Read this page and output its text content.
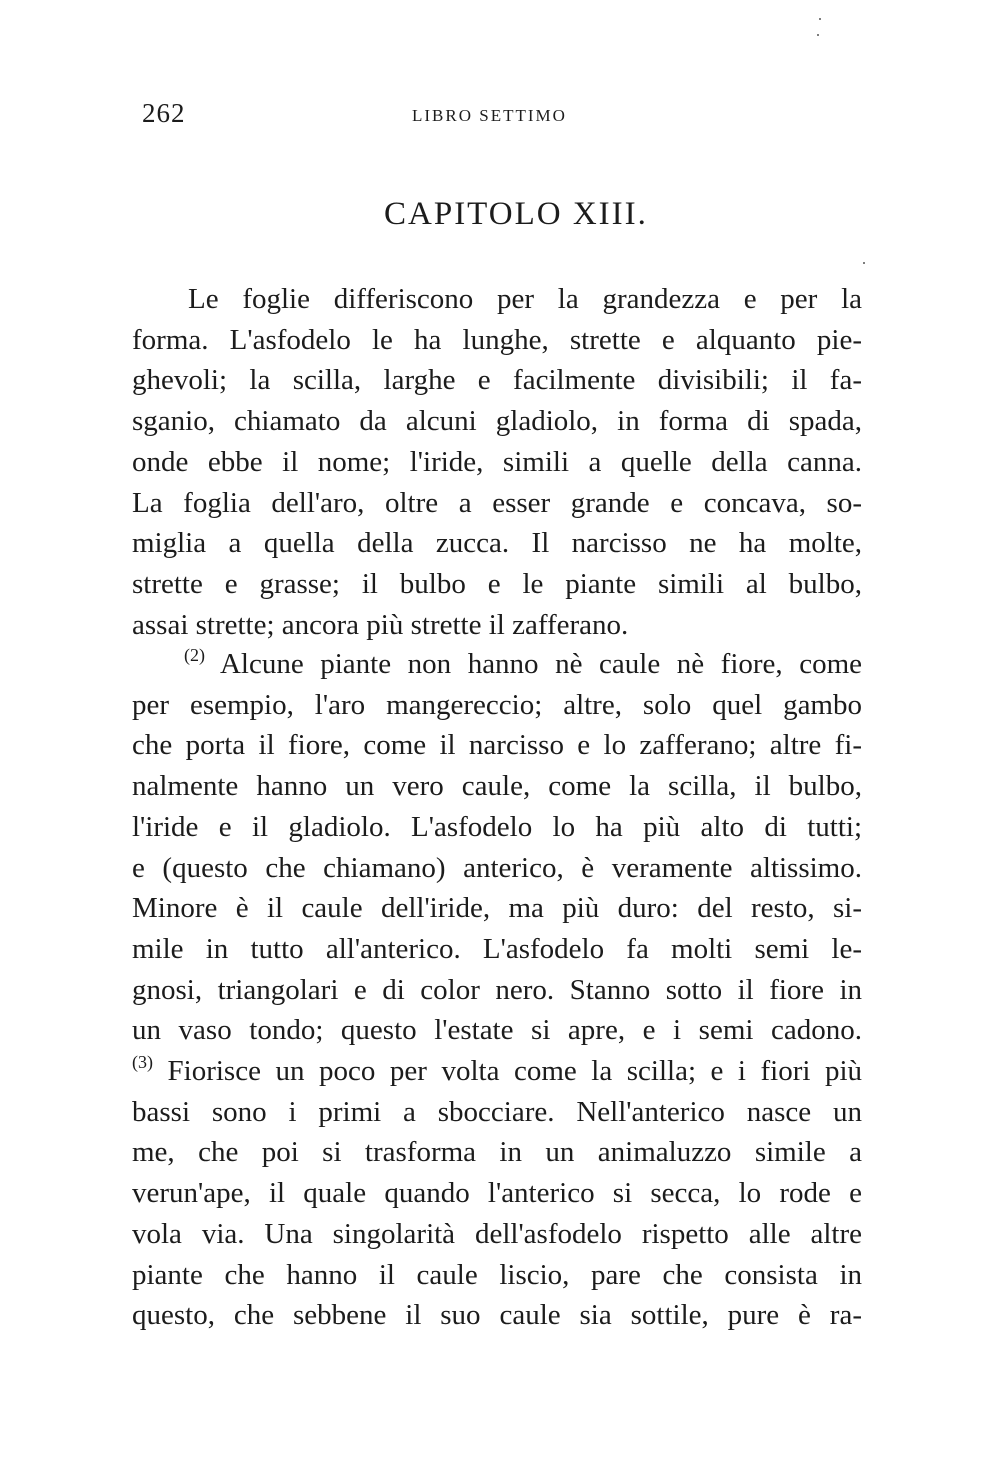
262	LIBRO SETTIMO
CAPITOLO XIII.
Le foglie differiscono per la grandezza e per la
forma. L'asfodelo le ha lunghe, strette e alquanto pie-
ghevoli; la scilla, larghe e facilmente divisibili; il fa-
sganio, chiamato da alcuni gladiolo, in forma di spada,
onde ebbe il nome; l'iride, simili a quelle della canna.
La foglia dell'aro, oltre a esser grande e concava, so-
miglia a quella della zucca. Il narcisso ne ha molte,
strette e grasse; il bulbo e le piante simili al bulbo,
assai strette; ancora più strette il zafferano.
$^{(2)}$ Alcune piante non hanno nè caule nè fiore, come
per esempio, l'aro mangereccio; altre, solo quel gambo
che porta il fiore, come il narcisso e lo zafferano; altre fi-
nalmente hanno un vero caule, come la scilla, il bulbo,
l'iride e il gladiolo. L'asfodelo lo ha più alto di tutti;
e (questo che chiamano) anterico, è veramente altissimo.
Minore è il caule dell'iride, ma più duro: del resto, si-
mile in tutto all'anterico. L'asfodelo fa molti semi le-
gnosi, triangolari e di color nero. Stanno sotto il fiore in
un vaso tondo; questo l'estate si apre, e i semi cadono.
$^{(3)}$ Fiorisce un poco per volta come la scilla; e i fiori più
bassi sono i primi a sbocciare. Nell'anterico nasce un
me, che poi si trasforma in un animaluzzo simile a
verun'ape, il quale quando l'anterico si secca, lo rode e
vola via. Una singolarità dell'asfodelo rispetto alle altre
piante che hanno il caule liscio, pare che consista in
questo, che sebbene il suo caule sia sottile, pure è ra-
